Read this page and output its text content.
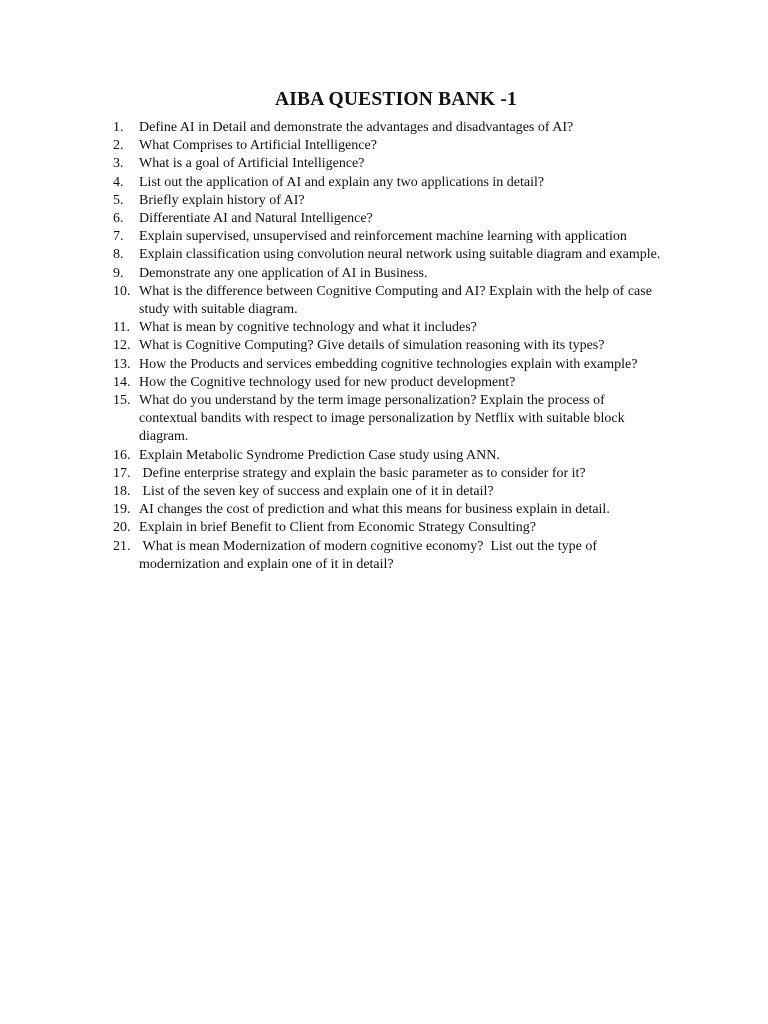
AIBA QUESTION BANK -1
1. Define AI in Detail and demonstrate the advantages and disadvantages of AI?
2. What Comprises to Artificial Intelligence?
3. What is a goal of Artificial Intelligence?
4. List out the application of AI and explain any two applications in detail?
5. Briefly explain history of AI?
6. Differentiate AI and Natural Intelligence?
7. Explain supervised, unsupervised and reinforcement machine learning with application
8. Explain classification using convolution neural network using suitable diagram and example.
9. Demonstrate any one application of AI in Business.
10. What is the difference between Cognitive Computing and AI? Explain with the help of case study with suitable diagram.
11. What is mean by cognitive technology and what it includes?
12. What is Cognitive Computing? Give details of simulation reasoning with its types?
13. How the Products and services embedding cognitive technologies explain with example?
14. How the Cognitive technology used for new product development?
15. What do you understand by the term image personalization? Explain the process of contextual bandits with respect to image personalization by Netflix with suitable block diagram.
16. Explain Metabolic Syndrome Prediction Case study using ANN.
17. Define enterprise strategy and explain the basic parameter as to consider for it?
18. List of the seven key of success and explain one of it in detail?
19. AI changes the cost of prediction and what this means for business explain in detail.
20. Explain in brief Benefit to Client from Economic Strategy Consulting?
21. What is mean Modernization of modern cognitive economy?  List out the type of modernization and explain one of it in detail?
